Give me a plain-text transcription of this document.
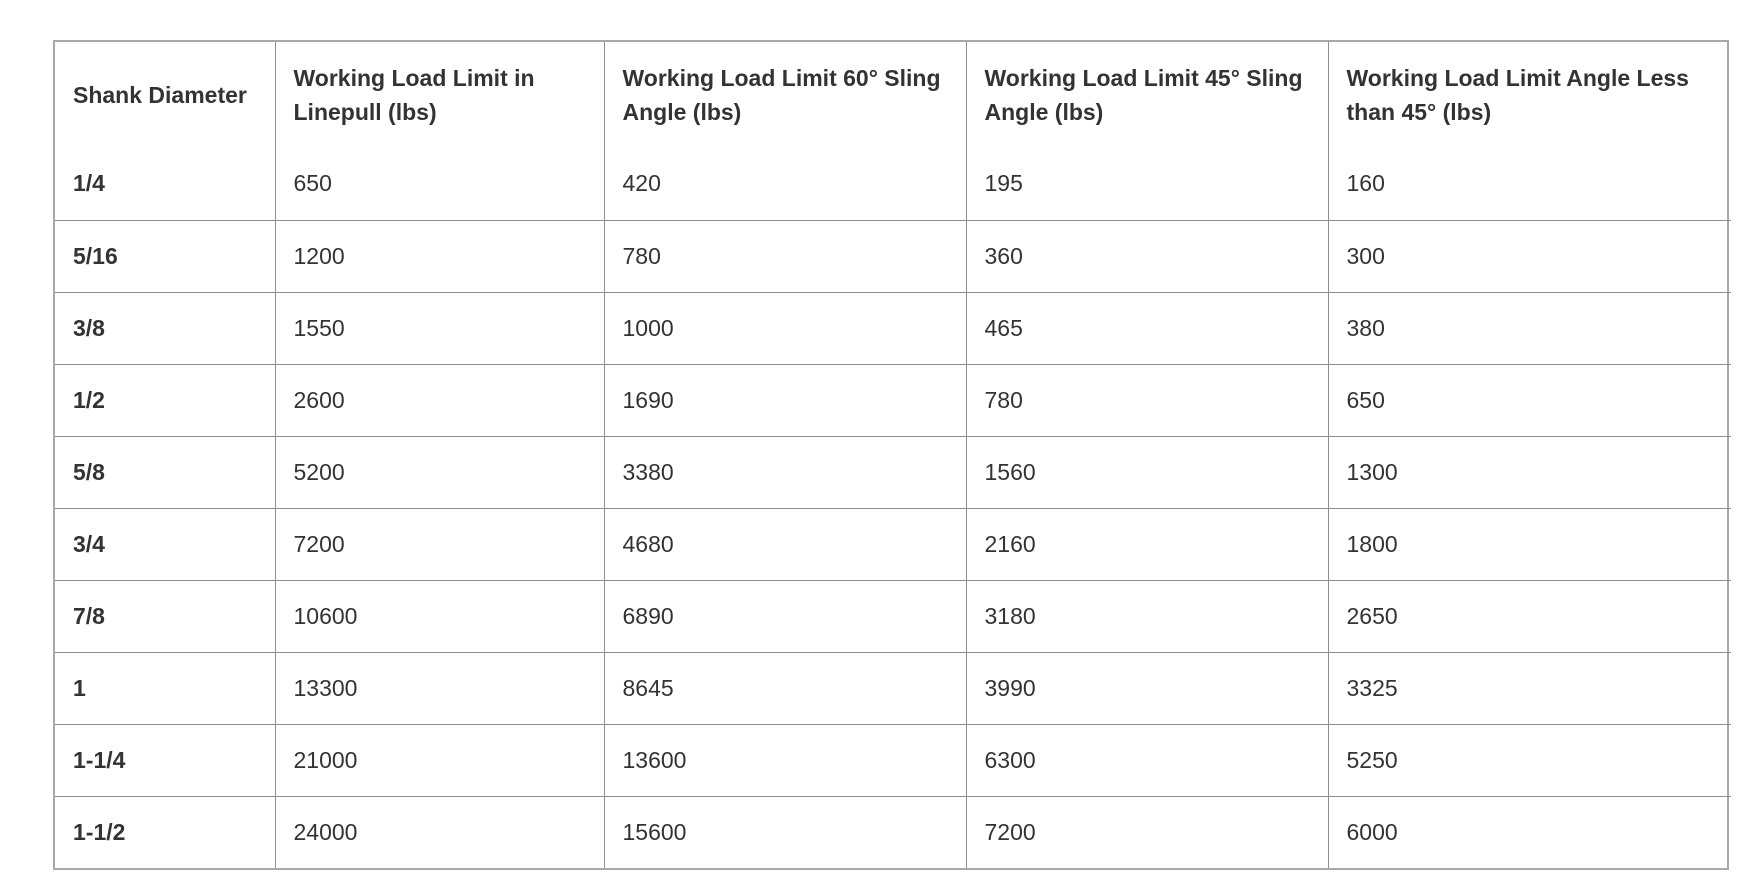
Shank Diameter	Working Load Limit in Linepull (lbs)	Working Load Limit 60° Sling Angle (lbs)	Working Load Limit 45° Sling Angle (lbs)	Working Load Limit Angle Less than 45° (lbs)
1/4	650	420	195	160
5/16	1200	780	360	300
3/8	1550	1000	465	380
1/2	2600	1690	780	650
5/8	5200	3380	1560	1300
3/4	7200	4680	2160	1800
7/8	10600	6890	3180	2650
1	13300	8645	3990	3325
1-1/4	21000	13600	6300	5250
1-1/2	24000	15600	7200	6000
